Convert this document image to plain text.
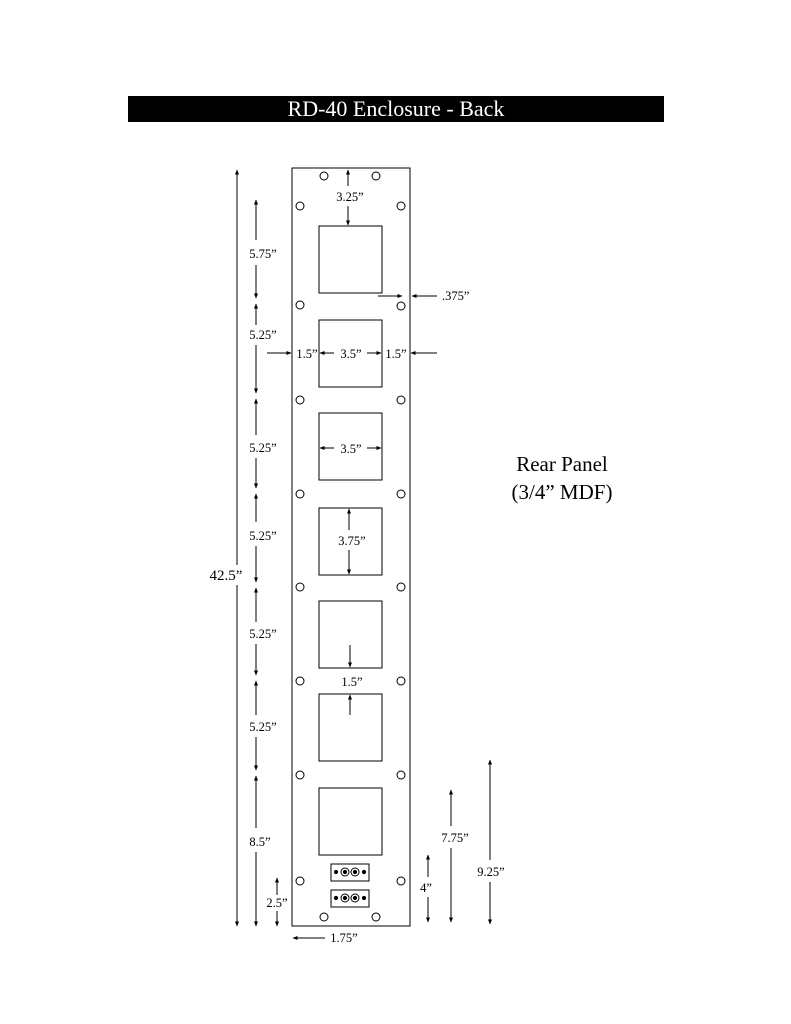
RD-40 Enclosure - Back
42.5”
3.25”
.375”
1.5”	1.5”
3.5”
3.5”
3.75”
1.5”
5.75”
5.25”
5.25”
5.25”
5.25”
5.25”
8.5”
2.5”
1.75”
4”
7.75”
9.25”
Rear Panel
(3/4” MDF)
